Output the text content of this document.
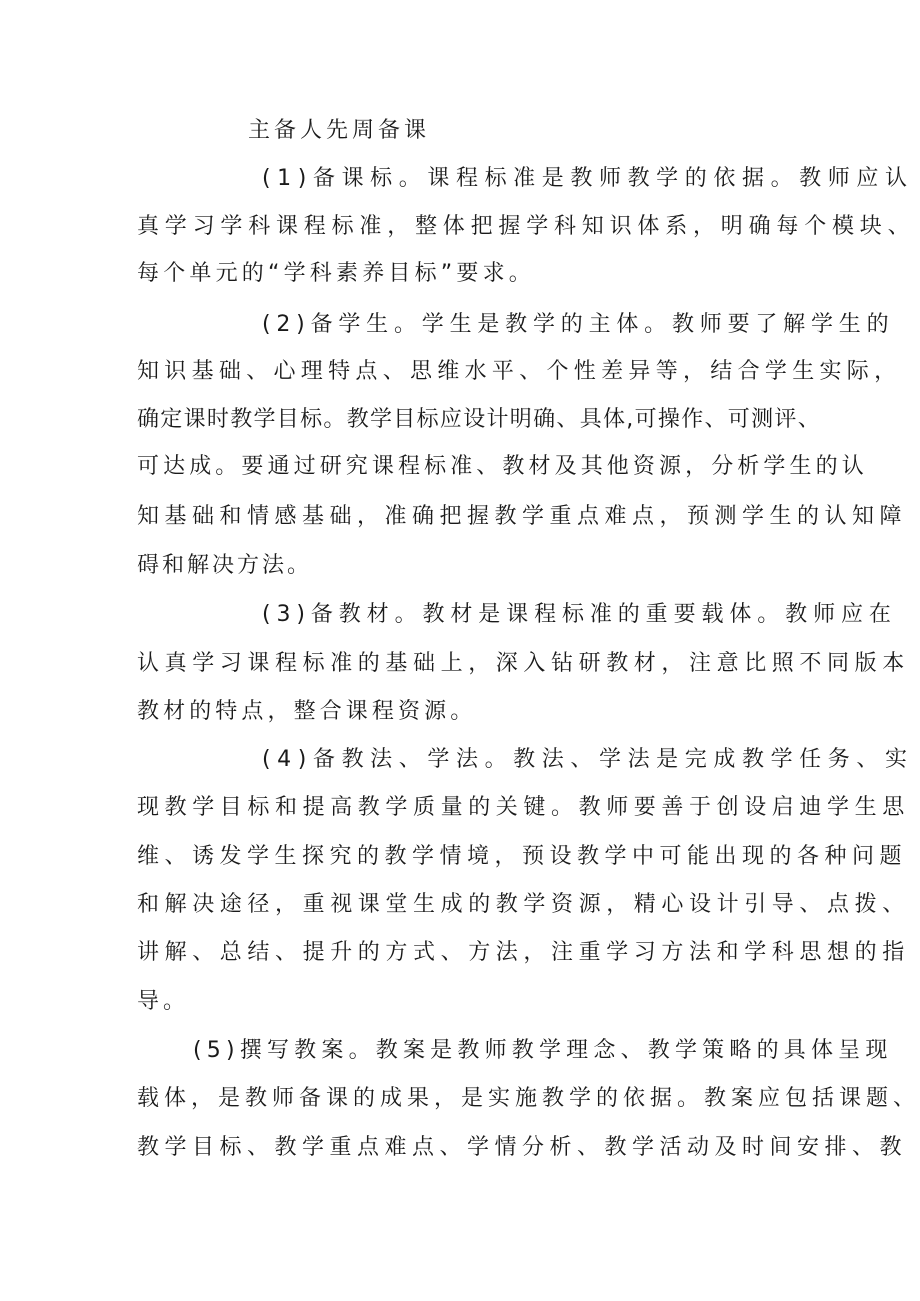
主备人先周备课

(1)备课标。课程标准是教师教学的依据。教师应认

真学习学科课程标准，整体把握学科知识体系，明确每个模块、

每个单元的“学科素养目标”要求。

(2)备学生。学生是教学的主体。教师要了解学生的

知识基础、心理特点、思维水平、个性差异等，结合学生实际，

确定课时教学目标。教学目标应设计明确、具体,可操作、可测评、

可达成。要通过研究课程标准、教材及其他资源，分析学生的认

知基础和情感基础，准确把握教学重点难点，预测学生的认知障

碍和解决方法。

(3)备教材。教材是课程标准的重要载体。教师应在

认真学习课程标准的基础上，深入钻研教材，注意比照不同版本

教材的特点，整合课程资源。

(4)备教法、学法。教法、学法是完成教学任务、实

现教学目标和提高教学质量的关键。教师要善于创设启迪学生思

维、诱发学生探究的教学情境，预设教学中可能出现的各种问题

和解决途径，重视课堂生成的教学资源，精心设计引导、点拨、

讲解、总结、提升的方式、方法，注重学习方法和学科思想的指

导。

(5)撰写教案。教案是教师教学理念、教学策略的具体呈现

载体，是教师备课的成果，是实施教学的依据。教案应包括课题、

教学目标、教学重点难点、学情分析、教学活动及时间安排、教
